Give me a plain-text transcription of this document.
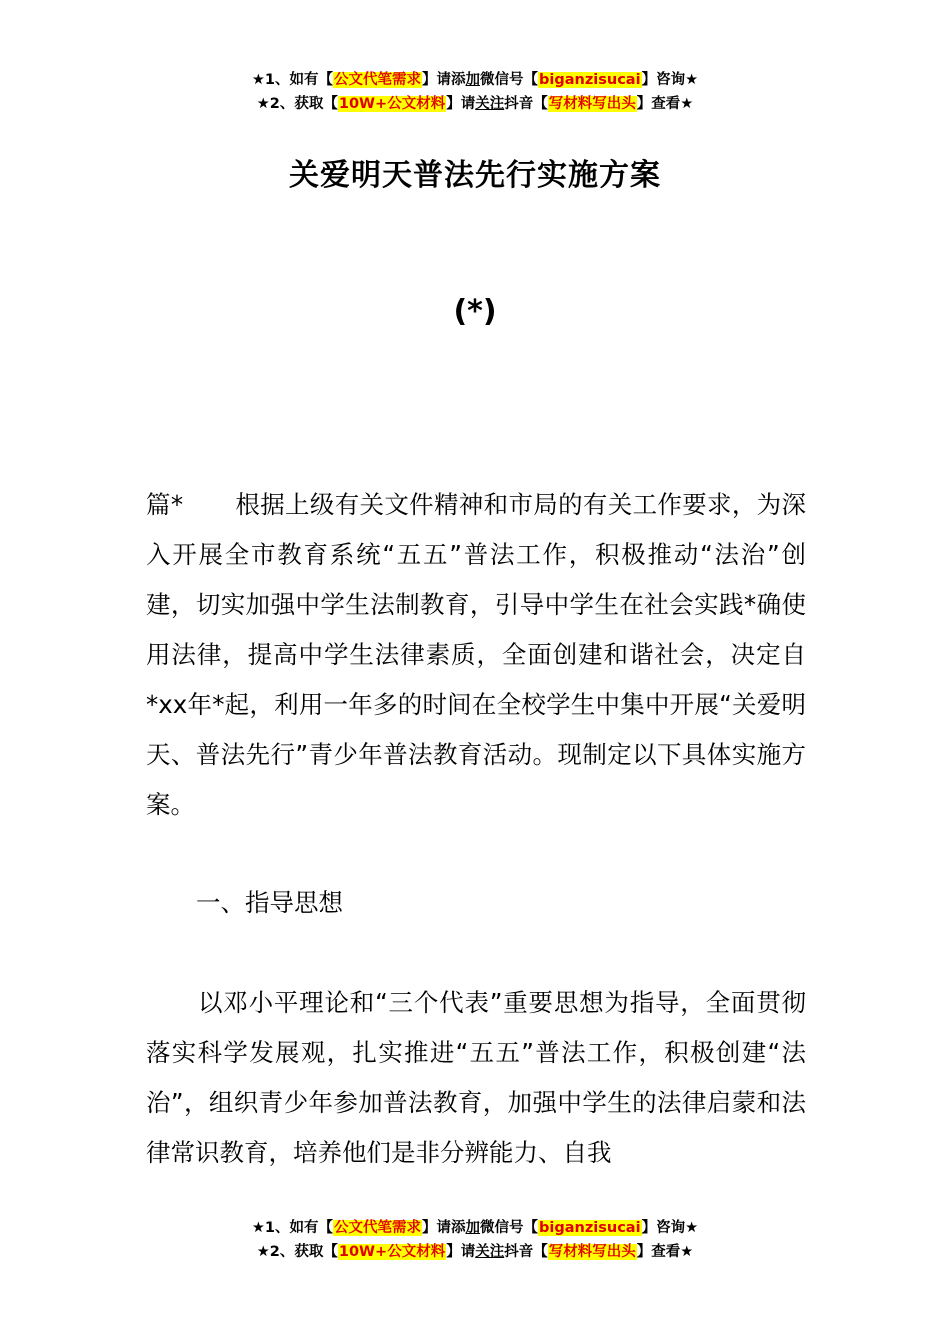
★1、如有【公文代笔需求】请添加微信号【biganzisucai】咨询★
★2、获取【10W+公文材料】请关注抖音【写材料写出头】查看★
关爱明天普法先行实施方案
(*)
篇* 根据上级有关文件精神和市局的有关工作要求，为深入开展全市教育系统“五五”普法工作，积极推动“法治”创建，切实加强中学生法制教育，引导中学生在社会实践*确使用法律，提高中学生法律素质，全面创建和谐社会，决定自*xx年*起，利用一年多的时间在全校学生中集中开展“关爱明天、普法先行”青少年普法教育活动。现制定以下具体实施方案。
一、指导思想
以邓小平理论和“三个代表”重要思想为指导，全面贯彻落实科学发展观，扎实推进“五五”普法工作，积极创建“法治”，组织青少年参加普法教育，加强中学生的法律启蒙和法律常识教育，培养他们是非分辨能力、自我
★1、如有【公文代笔需求】请添加微信号【biganzisucai】咨询★
★2、获取【10W+公文材料】请关注抖音【写材料写出头】查看★
